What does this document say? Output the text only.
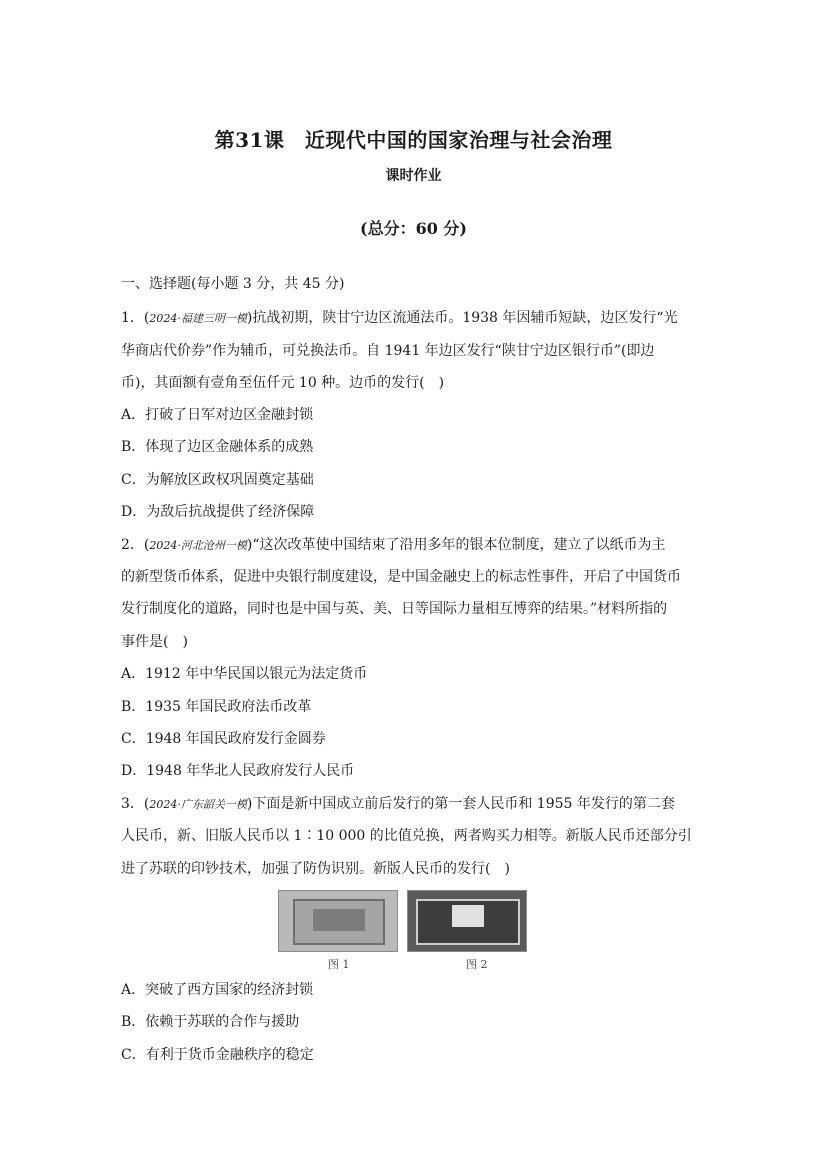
第31课　近现代中国的国家治理与社会治理
课时作业
(总分：60 分)
一、选择题(每小题 3 分，共 45 分)
1．(2024·福建三明一模)抗战初期，陕甘宁边区流通法币。1938 年因辅币短缺，边区发行“光
华商店代价券”作为辅币，可兑换法币。自 1941 年边区发行“陕甘宁边区银行币”(即边
币)，其面额有壹角至伍仟元 10 种。边币的发行(　)
A．打破了日军对边区金融封锁
B．体现了边区金融体系的成熟
C．为解放区政权巩固奠定基础
D．为敌后抗战提供了经济保障
2．(2024·河北沧州一模)“这次改革使中国结束了沿用多年的银本位制度，建立了以纸币为主
的新型货币体系，促进中央银行制度建设，是中国金融史上的标志性事件，开启了中国货币
发行制度化的道路，同时也是中国与英、美、日等国际力量相互博弈的结果。”材料所指的
事件是(　)
A．1912 年中华民国以银元为法定货币
B．1935 年国民政府法币改革
C．1948 年国民政府发行金圆券
D．1948 年华北人民政府发行人民币
3．(2024·广东韶关一模)下面是新中国成立前后发行的第一套人民币和 1955 年发行的第二套
人民币，新、旧版人民币以 1∶10 000 的比值兑换，两者购买力相等。新版人民币还部分引
进了苏联的印钞技术，加强了防伪识别。新版人民币的发行(　)
图 1	图 2
A．突破了西方国家的经济封锁
B．依赖于苏联的合作与援助
C．有利于货币金融秩序的稳定
